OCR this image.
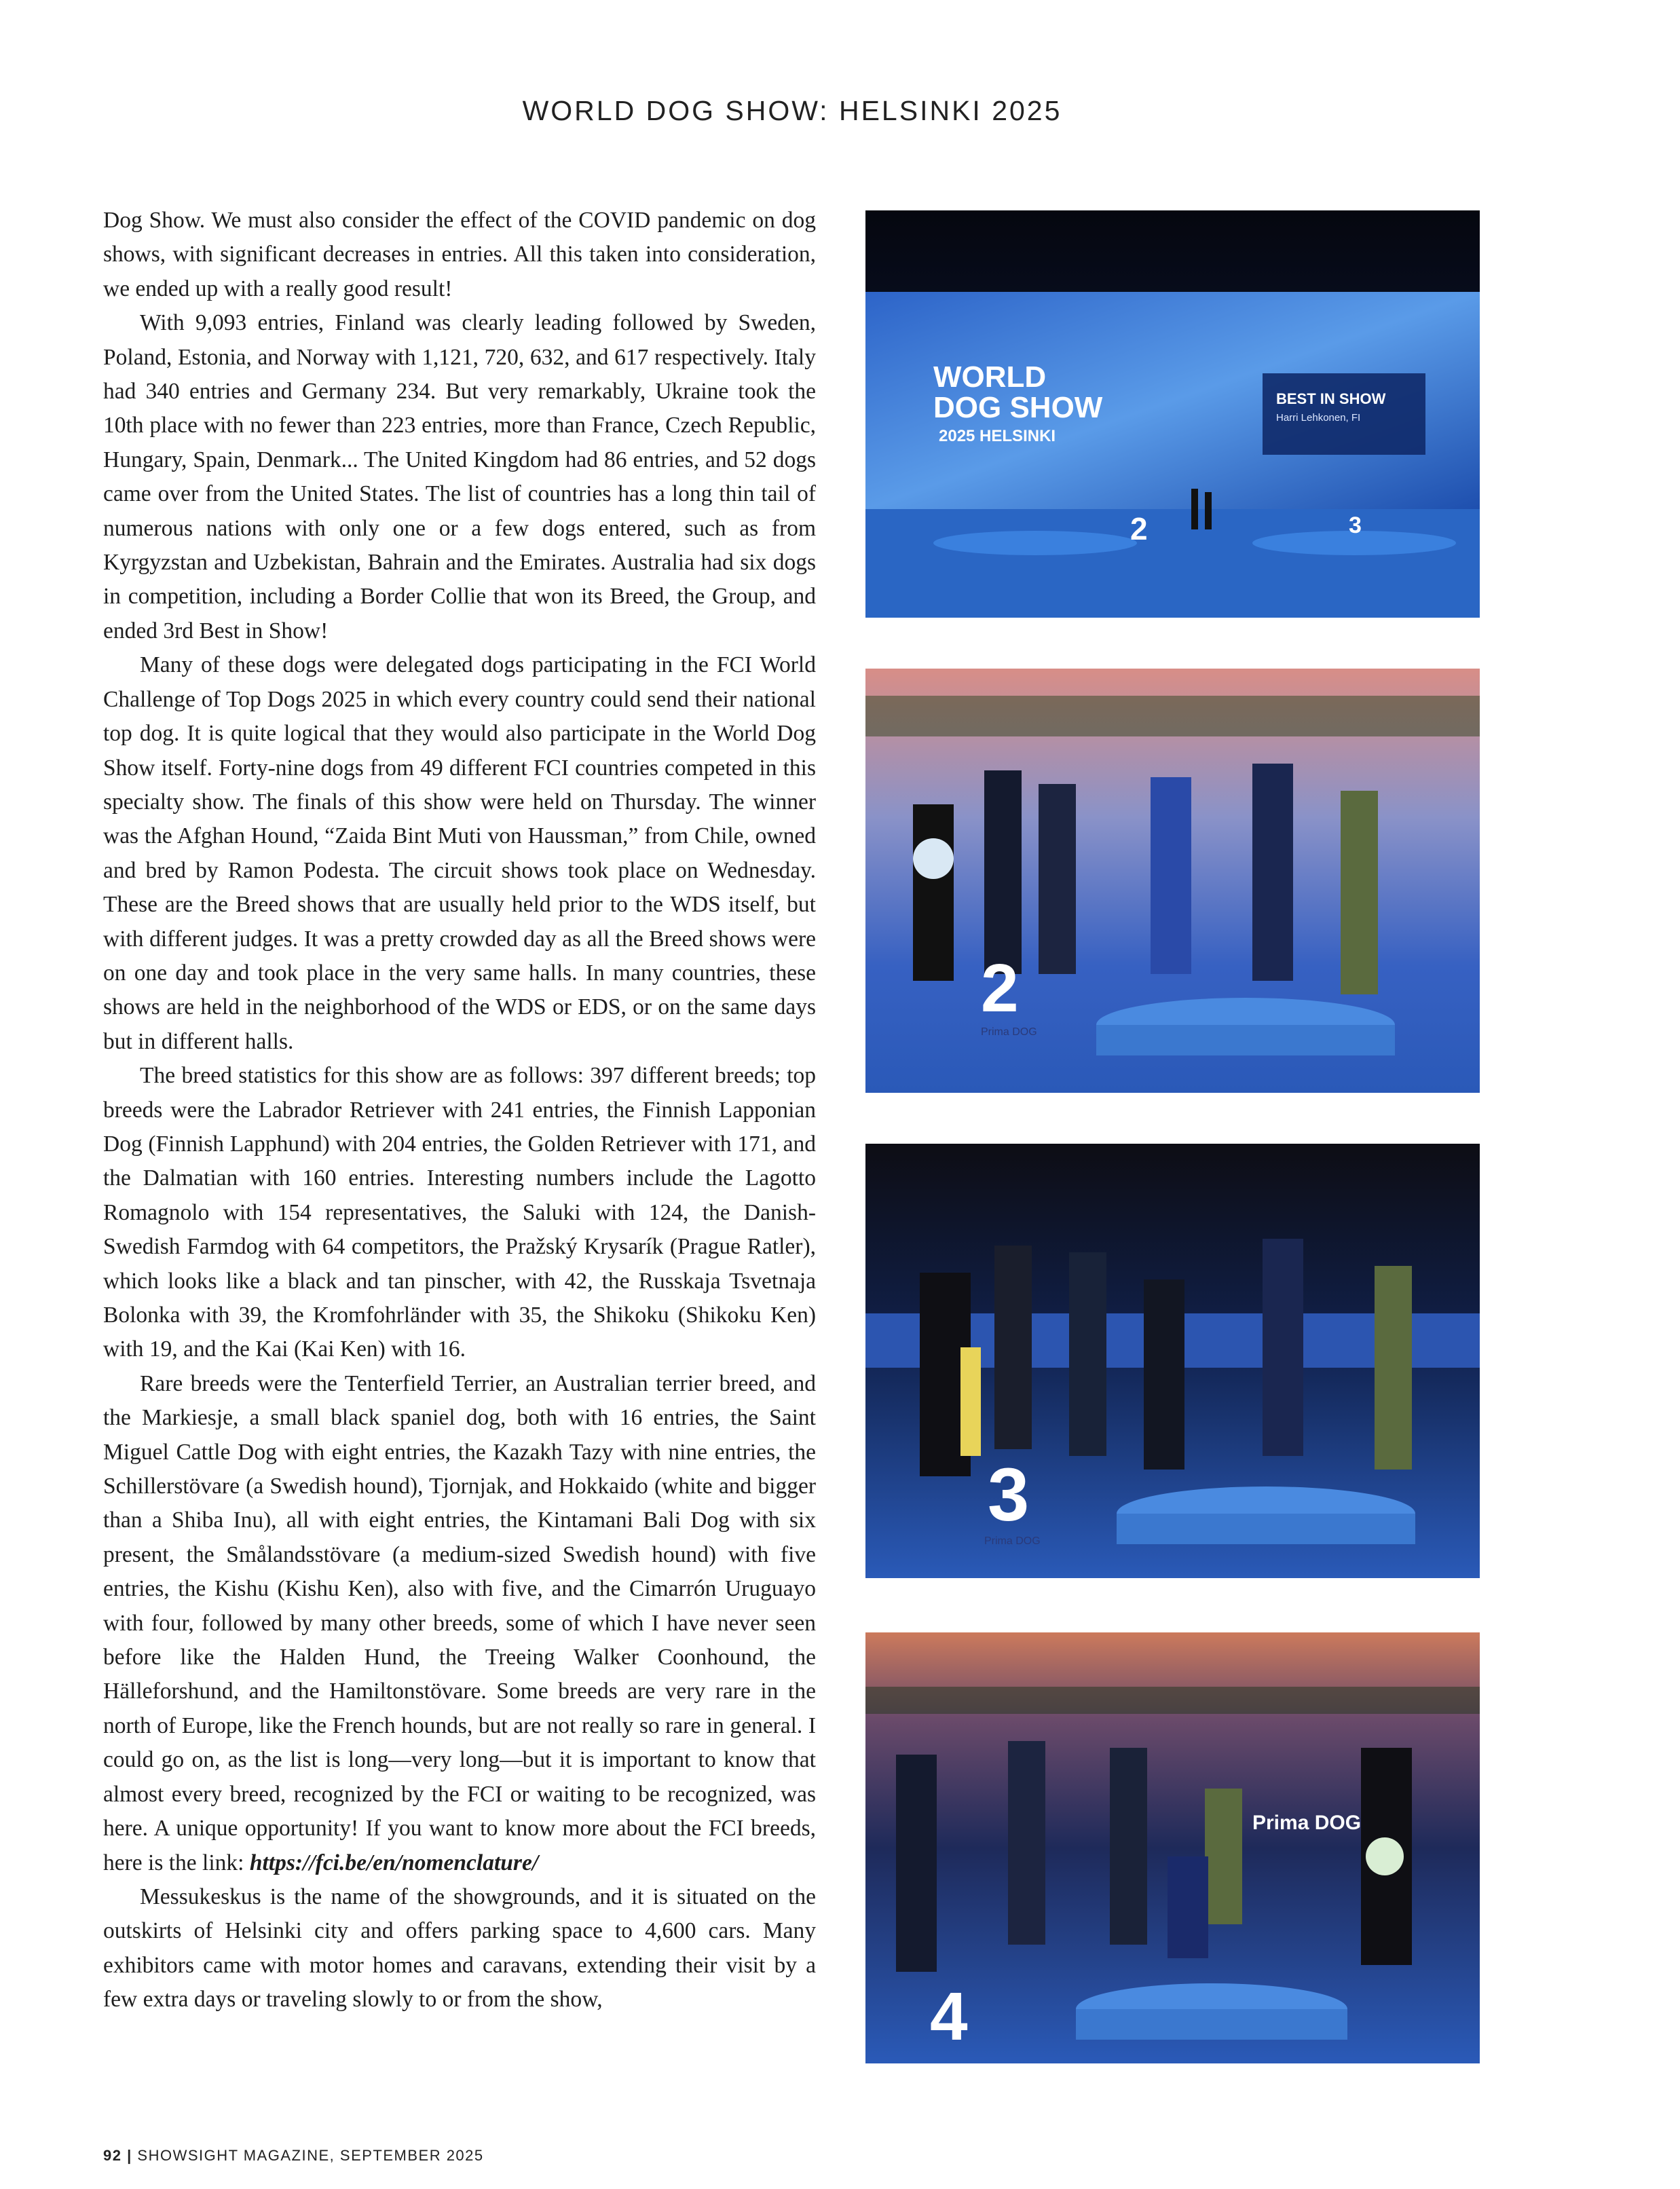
WORLD DOG SHOW: HELSINKI 2025

Dog Show. We must also consider the effect of the COVID pandemic on dog shows, with significant decreases in entries. All this taken into consideration, we ended up with a really good result!

With 9,093 entries, Finland was clearly leading followed by Sweden, Poland, Estonia, and Norway with 1,121, 720, 632, and 617 respectively. Italy had 340 entries and Germany 234. But very remarkably, Ukraine took the 10th place with no fewer than 223 entries, more than France, Czech Republic, Hungary, Spain, Denmark... The United Kingdom had 86 entries, and 52 dogs came over from the United States. The list of countries has a long thin tail of numerous nations with only one or a few dogs entered, such as from Kyrgyzstan and Uzbekistan, Bahrain and the Emirates. Australia had six dogs in competition, including a Border Collie that won its Breed, the Group, and ended 3rd Best in Show!

Many of these dogs were delegated dogs participating in the FCI World Challenge of Top Dogs 2025 in which every country could send their national top dog. It is quite logical that they would also participate in the World Dog Show itself. Forty-nine dogs from 49 different FCI countries competed in this specialty show. The finals of this show were held on Thursday. The winner was the Afghan Hound, “Zaida Bint Muti von Haussman,” from Chile, owned and bred by Ramon Podesta. The circuit shows took place on Wednesday. These are the Breed shows that are usually held prior to the WDS itself, but with different judges. It was a pretty crowded day as all the Breed shows were on one day and took place in the very same halls. In many countries, these shows are held in the neighborhood of the WDS or EDS, or on the same days but in different halls.

The breed statistics for this show are as follows: 397 different breeds; top breeds were the Labrador Retriever with 241 entries, the Finnish Lapponian Dog (Finnish Lapphund) with 204 entries, the Golden Retriever with 171, and the Dalmatian with 160 entries. Interesting numbers include the Lagotto Romagnolo with 154 representatives, the Saluki with 124, the Danish-Swedish Farmdog with 64 competitors, the Pražský Krysarík (Prague Ratler), which looks like a black and tan pinscher, with 42, the Russkaja Tsvetnaja Bolonka with 39, the Kromfohrländer with 35, the Shikoku (Shikoku Ken) with 19, and the Kai (Kai Ken) with 16.

Rare breeds were the Tenterfield Terrier, an Australian terrier breed, and the Markiesje, a small black spaniel dog, both with 16 entries, the Saint Miguel Cattle Dog with eight entries, the Kazakh Tazy with nine entries, the Schillerstövare (a Swedish hound), Tjornjak, and Hokkaido (white and bigger than a Shiba Inu), all with eight entries, the Kintamani Bali Dog with six present, the Smålandsstövare (a medium-sized Swedish hound) with five entries, the Kishu (Kishu Ken), also with five, and the Cimarrón Uruguayo with four, followed by many other breeds, some of which I have never seen before like the Halden Hund, the Treeing Walker Coonhound, the Hälleforshund, and the Hamiltonstövare. Some breeds are very rare in the north of Europe, like the French hounds, but are not really so rare in general. I could go on, as the list is long—very long—but it is important to know that almost every breed, recognized by the FCI or waiting to be recognized, was here. A unique opportunity! If you want to know more about the FCI breeds, here is the link: https://fci.be/en/nomenclature/

Messukeskus is the name of the showgrounds, and it is situated on the outskirts of Helsinki city and offers parking space to 4,600 cars. Many exhibitors came with motor homes and caravans, extending their visit by a few extra days or traveling slowly to or from the show,

WORLD
DOG SHOW
2025 HELSINKI
BEST IN SHOW
Harri Lehkonen, FI
2	3
2
Prima DOG
3
Prima DOG
4
Prima DOG
92 | SHOWSIGHT MAGAZINE, SEPTEMBER 2025
